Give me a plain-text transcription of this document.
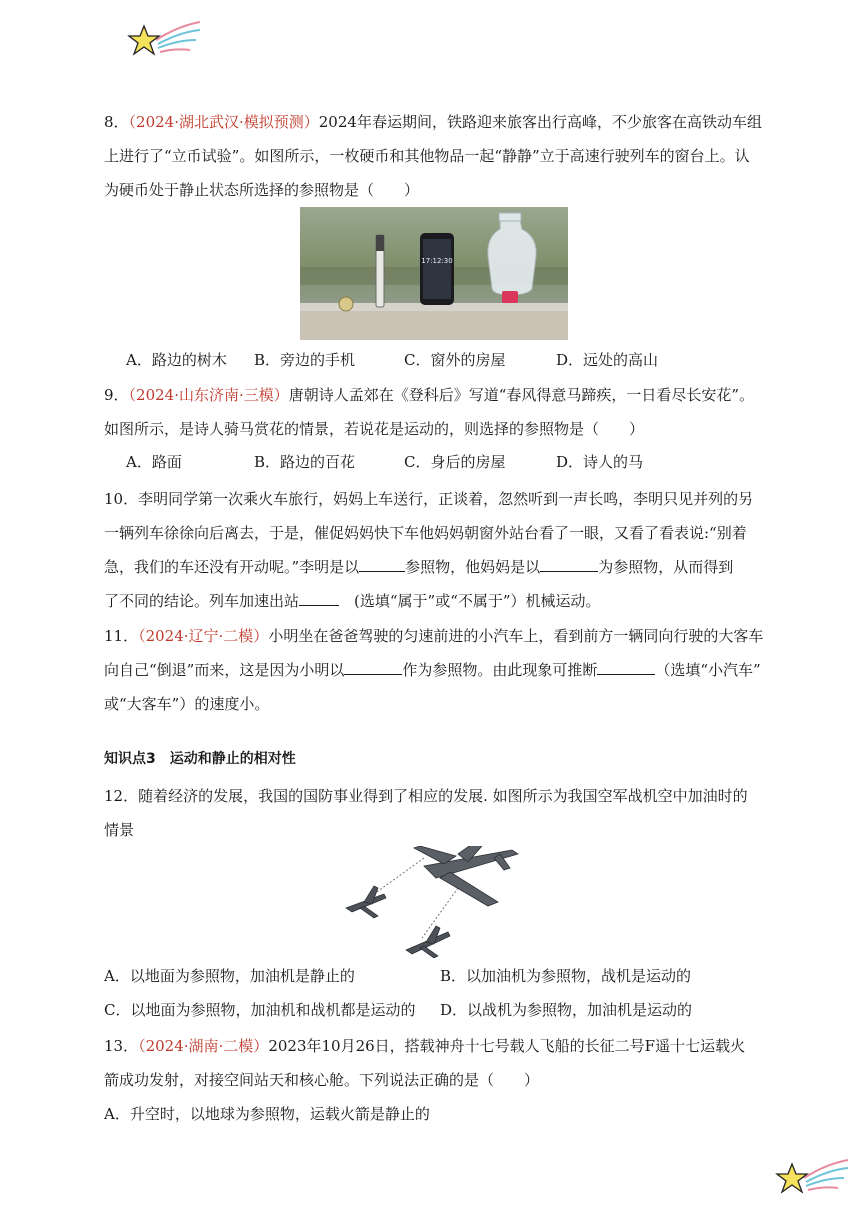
8．（2024·湖北武汉·模拟预测）2024年春运期间，铁路迎来旅客出行高峰，不少旅客在高铁动车组

上进行了“立币试验”。如图所示，一枚硬币和其他物品一起“静静”立于高速行驶列车的窗台上。认

为硬币处于静止状态所选择的参照物是（　　）

17:12:30
A．路边的树木 B．旁边的手机	C．窗外的房屋	D．远处的高山

9．（2024·山东济南·三模）唐朝诗人孟郊在《登科后》写道“春风得意马蹄疾，一日看尽长安花”。

如图所示，是诗人骑马赏花的情景，若说花是运动的，则选择的参照物是（　　）

A．路面	B．路边的百花	C．身后的房屋	D．诗人的马

10．李明同学第一次乘火车旅行，妈妈上车送行，正谈着，忽然听到一声长鸣，李明只见并列的另

一辆列车徐徐向后离去，于是，催促妈妈快下车他妈妈朝窗外站台看了一眼，又看了看表说:“别着

急，我们的车还没有开动呢。”李明是以	参照物，他妈妈是以	为参照物，从而得到

了不同的结论。列车加速出站	　(选填“属于”或“不属于”）机械运动。

11．（2024·辽宁·二模）小明坐在爸爸驾驶的匀速前进的小汽车上，看到前方一辆同向行驶的大客车

向自己“倒退”而来，这是因为小明以	作为参照物。由此现象可推断	（选填“小汽车”

或“大客车”）的速度小。

知识点3　运动和静止的相对性

12．随着经济的发展，我国的国防事业得到了相应的发展. 如图所示为我国空军战机空中加油时的

情景

A．以地面为参照物，加油机是静止的	B．以加油机为参照物，战机是运动的
C．以地面为参照物，加油机和战机都是运动的 D．以战机为参照物，加油机是运动的

13．（2024·湖南·二模）2023年10月26日，搭载神舟十七号载人飞船的长征二号F遥十七运载火

箭成功发射，对接空间站天和核心舱。下列说法正确的是（　　）

A．升空时，以地球为参照物，运载火箭是静止的
